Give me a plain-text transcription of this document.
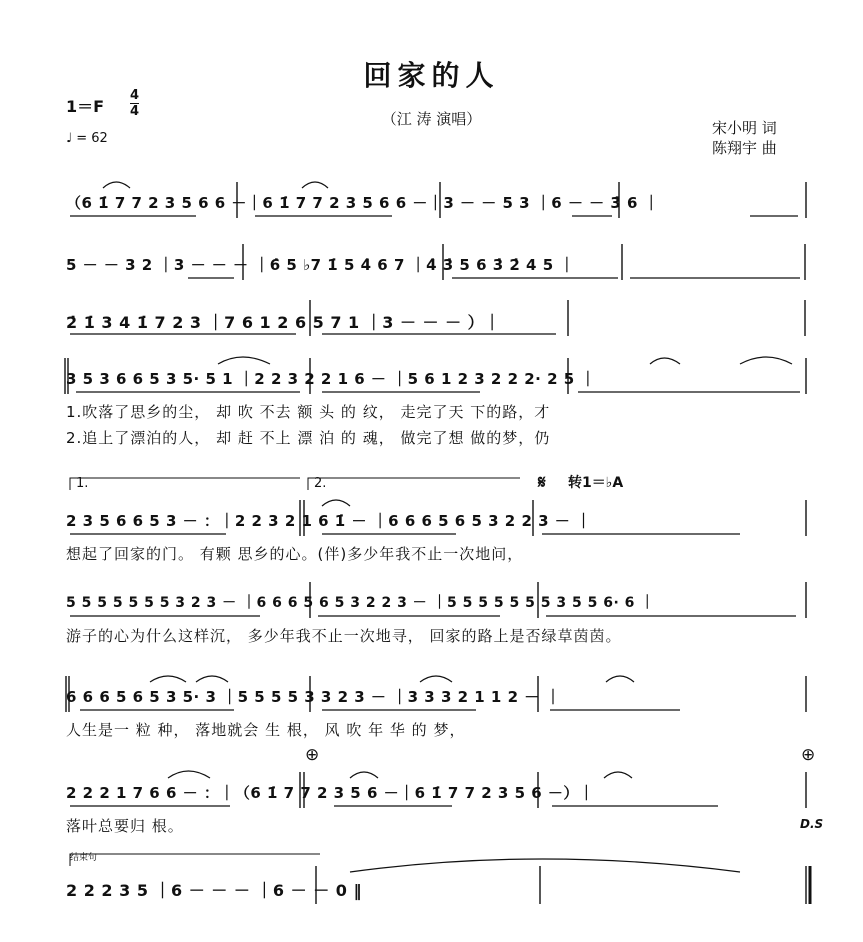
回家的人
（江 涛 演唱）
1＝F
4
4
♩ = 62
宋小明 词
陈翔宇 曲
（6 1̇ 7 7 2 3 5 6 6 －｜6 1̇ 7 7 2 3 5 6 6 －｜3 － － 5 3 ｜6 － － 3̇ 6 ｜
5 － － 3 2 ｜3 － － － ｜6̇ 5 ♭7 1̇ 5 4̇ 6 7 ｜4̇ 3̇ 5 6 3̇ 2̇ 4 5 ｜
2̇ 1̇ 3 4 1̇ 7 2 3 ｜7 6 1 2 6 5 7 1 ｜3 － － － ）｜
3 5 3 6 6 5 3 5· 5 1 ｜2 2 3 2 2 1 6 － ｜5 6 1 2 3 2 2 2· 2 5 ｜
1.吹落了思乡的尘， 却 吹 不去 额 头 的 纹， 走完了天 下的路，才
2.追上了漂泊的人， 却 赶 不上 漂 泊 的 魂， 做完了想 做的梦，仍
1.	2.	𝄋 转1＝♭A
2 3 5 6 6 5 3 － ：｜2 2 3 2 1 6 1̇ － ｜6 6 6 5 6 5 3 2 2 3 － ｜
想起了回家的门。 有颗 思乡的心。(伴)多少年我不止一次地问，
5 5 5 5 5 5 5 3 2 3 － ｜6 6 6 5 6 5 3 2 2 3 － ｜5 5 5 5 5 5 5 3 5 5 6· 6 ｜
游子的心为什么这样沉， 多少年我不止一次地寻， 回家的路上是否绿草茵茵。
6 6 6 5 6 5 3 5· 3 ｜5 5 5 5 3 3 2 3 － ｜3 3 3 2 1 1 2 － ｜
人生是一 粒 种， 落地就会 生 根， 风 吹 年 华 的 梦，
⊕	⊕
2 2 2 1 7 6 6 － ：｜（6 1̇ 7 7 2 3 5 6 －｜6 1̇ 7 7 2 3 5 6 －）｜
落叶总要归 根。	D.S
结束句
2 2 2 3 5 ｜6 － － － ｜6 － － 0 ‖
